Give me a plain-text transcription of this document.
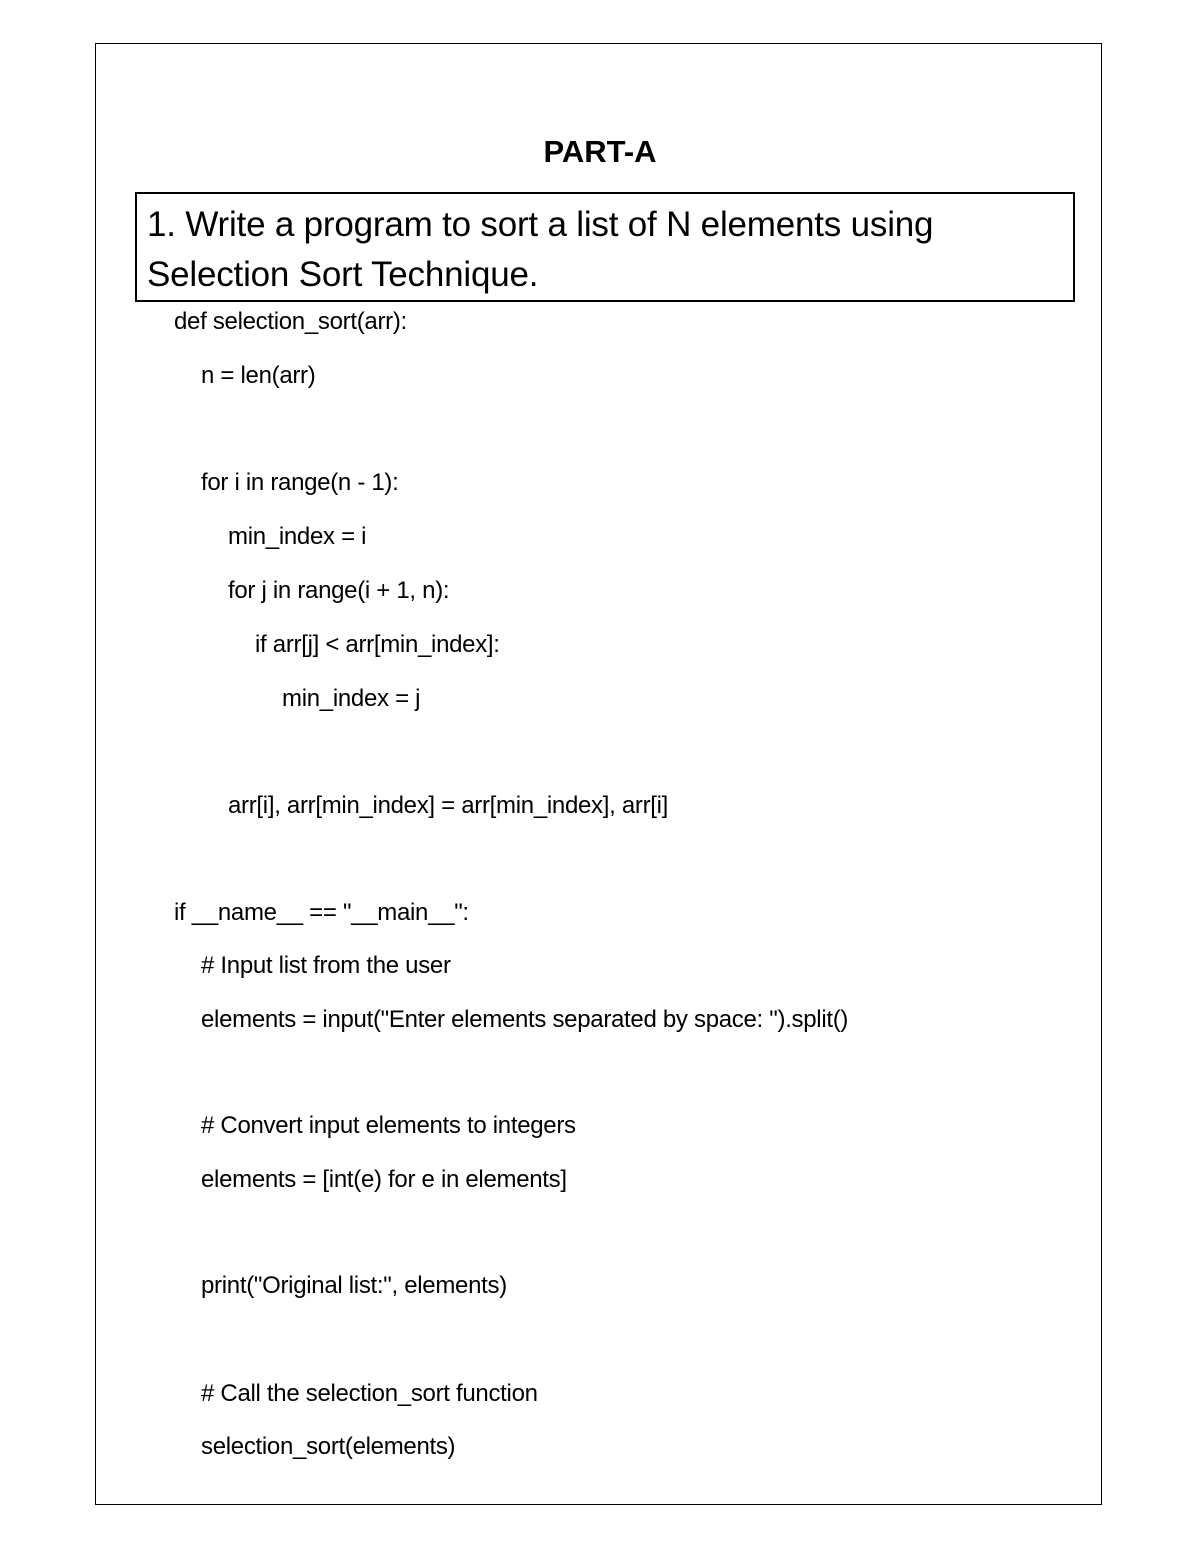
PART-A

1. Write a program to sort a list of N elements using Selection Sort Technique.

def selection_sort(arr):
n = len(arr)
for i in range(n - 1):
min_index = i
for j in range(i + 1, n):
if arr[j] < arr[min_index]:
min_index = j
arr[i], arr[min_index] = arr[min_index], arr[i]
if __name__ == "__main__":
# Input list from the user
elements = input("Enter elements separated by space: ").split()
# Convert input elements to integers
elements = [int(e) for e in elements]
print("Original list:", elements)
# Call the selection_sort function
selection_sort(elements)
